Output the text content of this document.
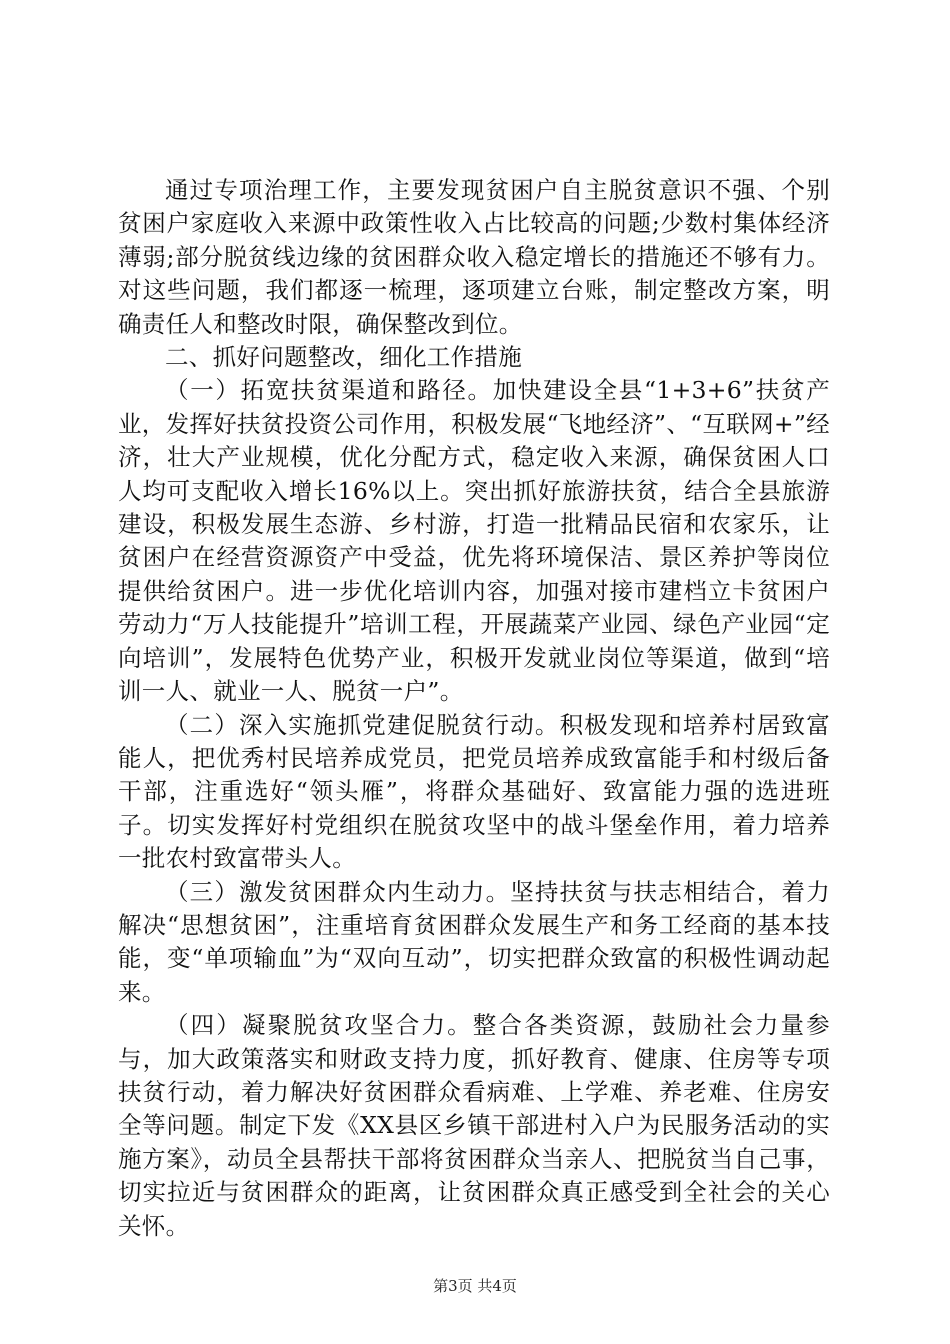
通过专项治理工作，主要发现贫困户自主脱贫意识不强、个别贫困户家庭收入来源中政策性收入占比较高的问题;少数村集体经济薄弱;部分脱贫线边缘的贫困群众收入稳定增长的措施还不够有力。对这些问题，我们都逐一梳理，逐项建立台账，制定整改方案，明确责任人和整改时限，确保整改到位。

二、抓好问题整改，细化工作措施

（一）拓宽扶贫渠道和路径。加快建设全县“1+3+6”扶贫产业，发挥好扶贫投资公司作用，积极发展“飞地经济”、“互联网+”经济，壮大产业规模，优化分配方式，稳定收入来源，确保贫困人口人均可支配收入增长16%以上。突出抓好旅游扶贫，结合全县旅游建设，积极发展生态游、乡村游，打造一批精品民宿和农家乐，让贫困户在经营资源资产中受益，优先将环境保洁、景区养护等岗位提供给贫困户。进一步优化培训内容，加强对接市建档立卡贫困户劳动力“万人技能提升”培训工程，开展蔬菜产业园、绿色产业园“定向培训”，发展特色优势产业，积极开发就业岗位等渠道，做到“培训一人、就业一人、脱贫一户”。

（二）深入实施抓党建促脱贫行动。积极发现和培养村居致富能人，把优秀村民培养成党员，把党员培养成致富能手和村级后备干部，注重选好“领头雁”，将群众基础好、致富能力强的选进班子。切实发挥好村党组织在脱贫攻坚中的战斗堡垒作用，着力培养一批农村致富带头人。

（三）激发贫困群众内生动力。坚持扶贫与扶志相结合，着力解决“思想贫困”，注重培育贫困群众发展生产和务工经商的基本技能，变“单项输血”为“双向互动”，切实把群众致富的积极性调动起来。

（四）凝聚脱贫攻坚合力。整合各类资源，鼓励社会力量参与，加大政策落实和财政支持力度，抓好教育、健康、住房等专项扶贫行动，着力解决好贫困群众看病难、上学难、养老难、住房安全等问题。制定下发《XX县区乡镇干部进村入户为民服务活动的实施方案》，动员全县帮扶干部将贫困群众当亲人、把脱贫当自己事，切实拉近与贫困群众的距离，让贫困群众真正感受到全社会的关心关怀。

第3页 共4页
